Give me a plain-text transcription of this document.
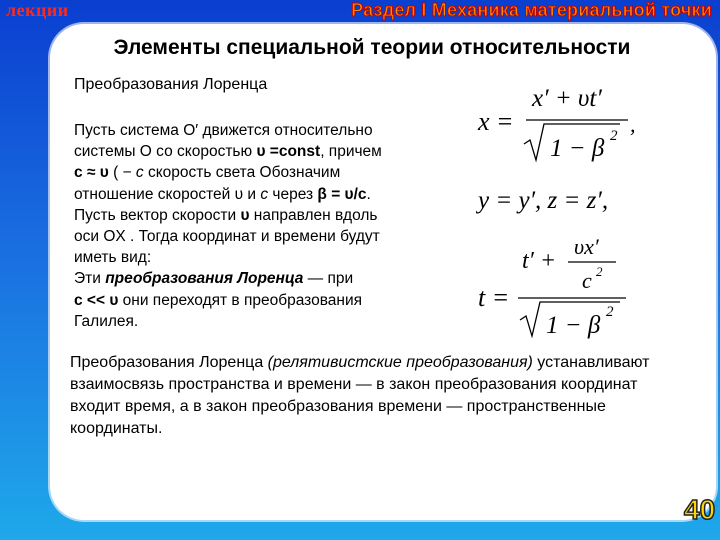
лекции	Раздел I Механика материальной точки
Элементы специальной теории относительности
Преобразования Лоренца
Пусть система O′ движется относительно
системы O со скоростью υ =const, причем
c ≈ υ ( − c скорость света Обозначим
отношение скоростей υ и c через β = υ/c.
Пусть вектор скорости υ направлен вдоль
оси OX . Тогда координат и времени будут
иметь вид:
Эти преобразования Лоренца — при
c << υ они переходят в преобразования
Галилея.
x =
x′ + υt′
1 − β 2 ,
y = y′, z = z′,
t′ +
υx′
c 2
t =
1 − β 2
Преобразования Лоренца (релятивистские преобразования) устанавливают взаимосвязь пространства и времени — в закон преобразования координат входит время, а в закон преобразования времени — пространственные координаты.
40
